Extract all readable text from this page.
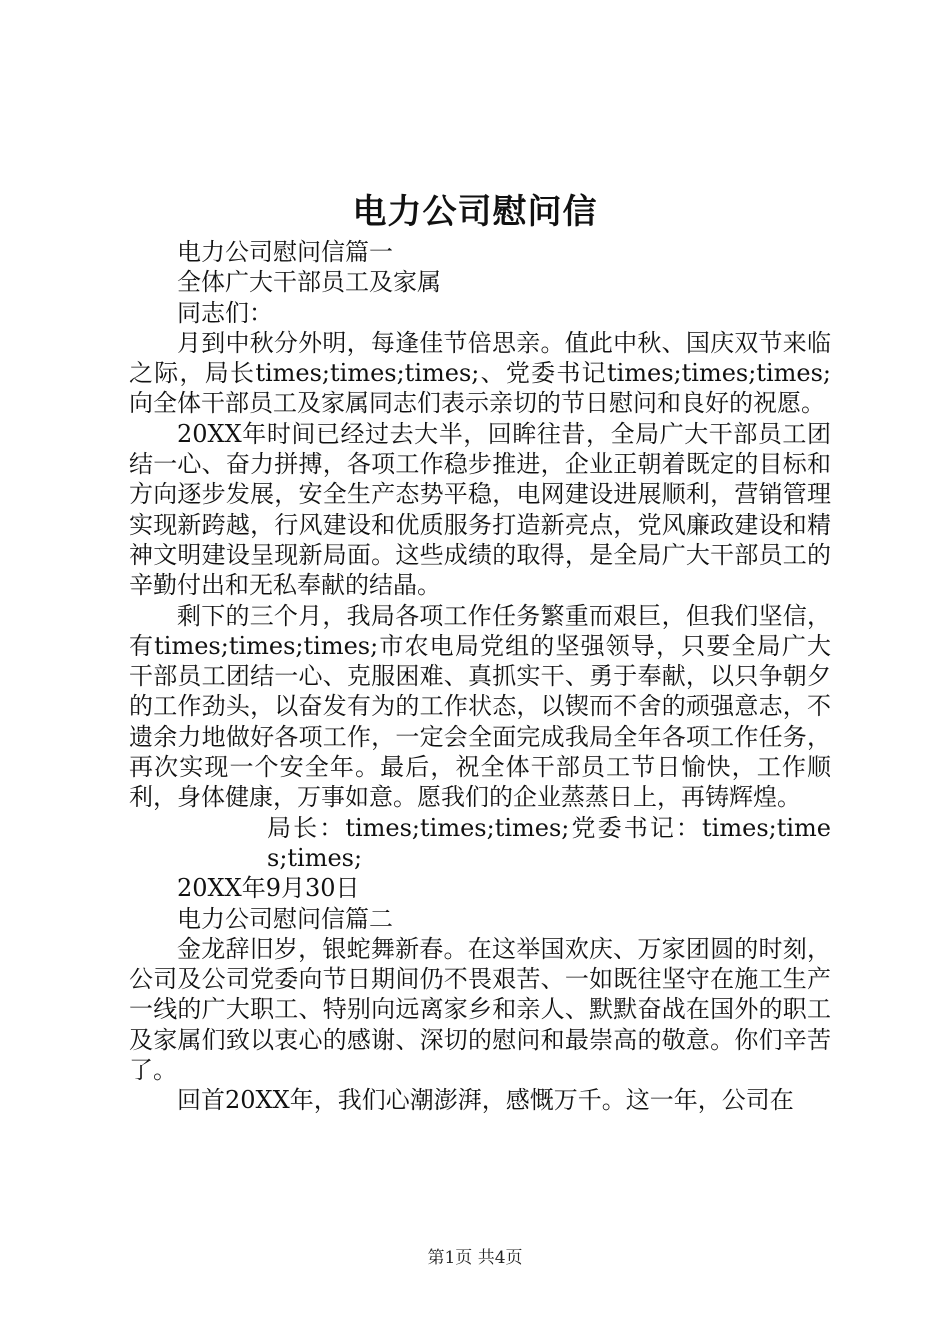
电力公司慰问信

电力公司慰问信篇一

全体广大干部员工及家属

同志们：

月到中秋分外明，每逢佳节倍思亲。值此中秋、国庆双节来临之际，局长times;times;times;、党委书记times;times;times;向全体干部员工及家属同志们表示亲切的节日慰问和良好的祝愿。

20XX年时间已经过去大半，回眸往昔，全局广大干部员工团结一心、奋力拼搏，各项工作稳步推进，企业正朝着既定的目标和方向逐步发展，安全生产态势平稳，电网建设进展顺利，营销管理实现新跨越，行风建设和优质服务打造新亮点，党风廉政建设和精神文明建设呈现新局面。这些成绩的取得，是全局广大干部员工的辛勤付出和无私奉献的结晶。

剩下的三个月，我局各项工作任务繁重而艰巨，但我们坚信，有times;times;times;市农电局党组的坚强领导，只要全局广大干部员工团结一心、克服困难、真抓实干、勇于奉献，以只争朝夕的工作劲头，以奋发有为的工作状态，以锲而不舍的顽强意志，不遗余力地做好各项工作，一定会全面完成我局全年各项工作任务，再次实现一个安全年。最后，祝全体干部员工节日愉快，工作顺利，身体健康，万事如意。愿我们的企业蒸蒸日上，再铸辉煌。

局长：times;times;times;党委书记：times;times;times;

20XX年9月30日

电力公司慰问信篇二

金龙辞旧岁，银蛇舞新春。在这举国欢庆、万家团圆的时刻，公司及公司党委向节日期间仍不畏艰苦、一如既往坚守在施工生产一线的广大职工、特别向远离家乡和亲人、默默奋战在国外的职工及家属们致以衷心的感谢、深切的慰问和最崇高的敬意。你们辛苦了。

回首20XX年，我们心潮澎湃，感慨万千。这一年，公司在

第1页 共4页
